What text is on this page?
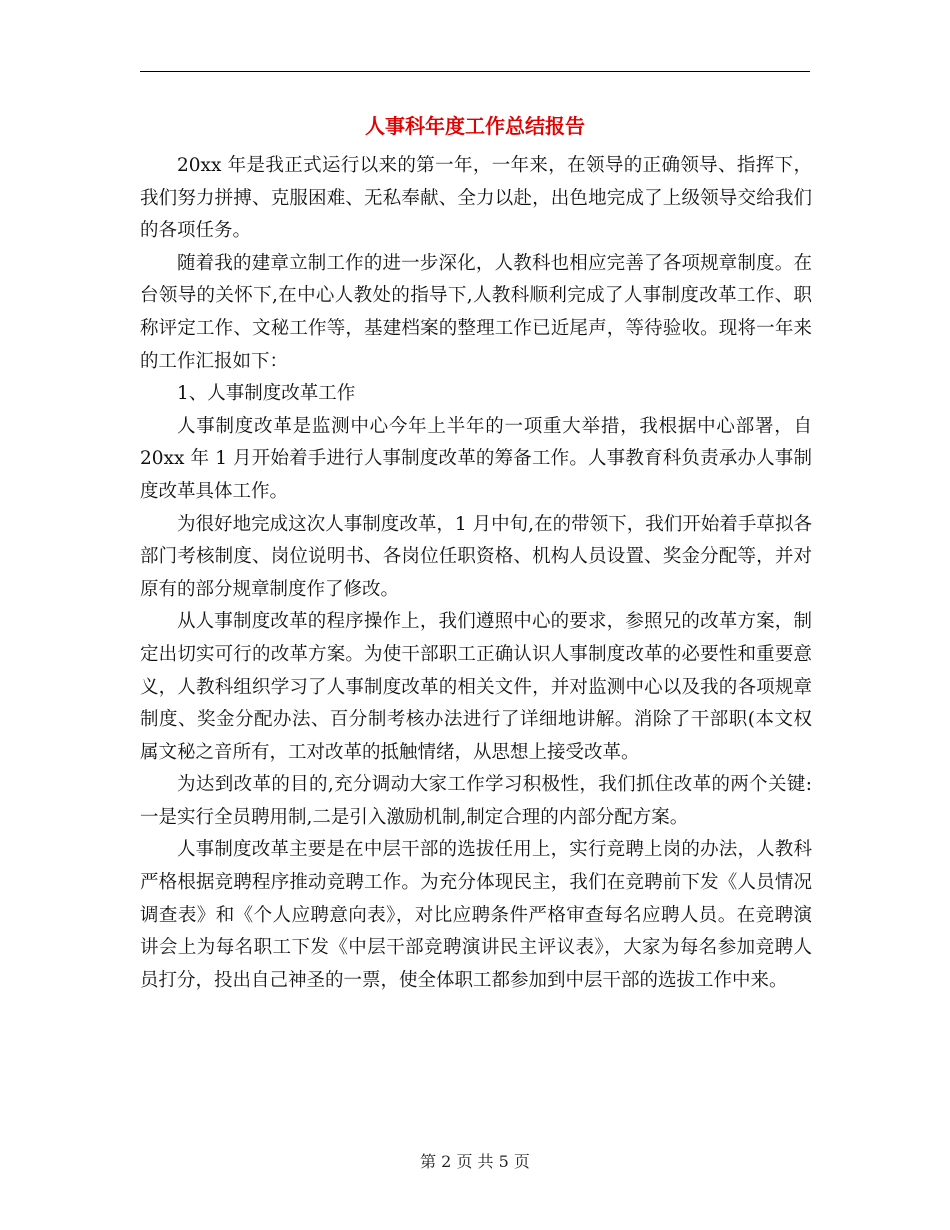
人事科年度工作总结报告

20xx 年是我正式运行以来的第一年，一年来，在领导的正确领导、指挥下，我们努力拼搏、克服困难、无私奉献、全力以赴，出色地完成了上级领导交给我们的各项任务。

随着我的建章立制工作的进一步深化，人教科也相应完善了各项规章制度。在台领导的关怀下,在中心人教处的指导下,人教科顺利完成了人事制度改革工作、职称评定工作、文秘工作等，基建档案的整理工作已近尾声，等待验收。现将一年来的工作汇报如下：

1、人事制度改革工作

人事制度改革是监测中心今年上半年的一项重大举措，我根据中心部署，自 20xx 年 1 月开始着手进行人事制度改革的筹备工作。人事教育科负责承办人事制度改革具体工作。

为很好地完成这次人事制度改革，1 月中旬,在的带领下，我们开始着手草拟各部门考核制度、岗位说明书、各岗位任职资格、机构人员设置、奖金分配等，并对原有的部分规章制度作了修改。

从人事制度改革的程序操作上，我们遵照中心的要求，参照兄的改革方案，制定出切实可行的改革方案。为使干部职工正确认识人事制度改革的必要性和重要意义，人教科组织学习了人事制度改革的相关文件，并对监测中心以及我的各项规章制度、奖金分配办法、百分制考核办法进行了详细地讲解。消除了干部职(本文权属文秘之音所有，工对改革的抵触情绪，从思想上接受改革。

为达到改革的目的,充分调动大家工作学习积极性，我们抓住改革的两个关键:一是实行全员聘用制,二是引入激励机制,制定合理的内部分配方案。

人事制度改革主要是在中层干部的选拔任用上，实行竞聘上岗的办法，人教科严格根据竞聘程序推动竞聘工作。为充分体现民主，我们在竞聘前下发《人员情况调查表》和《个人应聘意向表》，对比应聘条件严格审查每名应聘人员。在竞聘演讲会上为每名职工下发《中层干部竞聘演讲民主评议表》，大家为每名参加竞聘人员打分，投出自己神圣的一票，使全体职工都参加到中层干部的选拔工作中来。

第 2 页 共 5 页
